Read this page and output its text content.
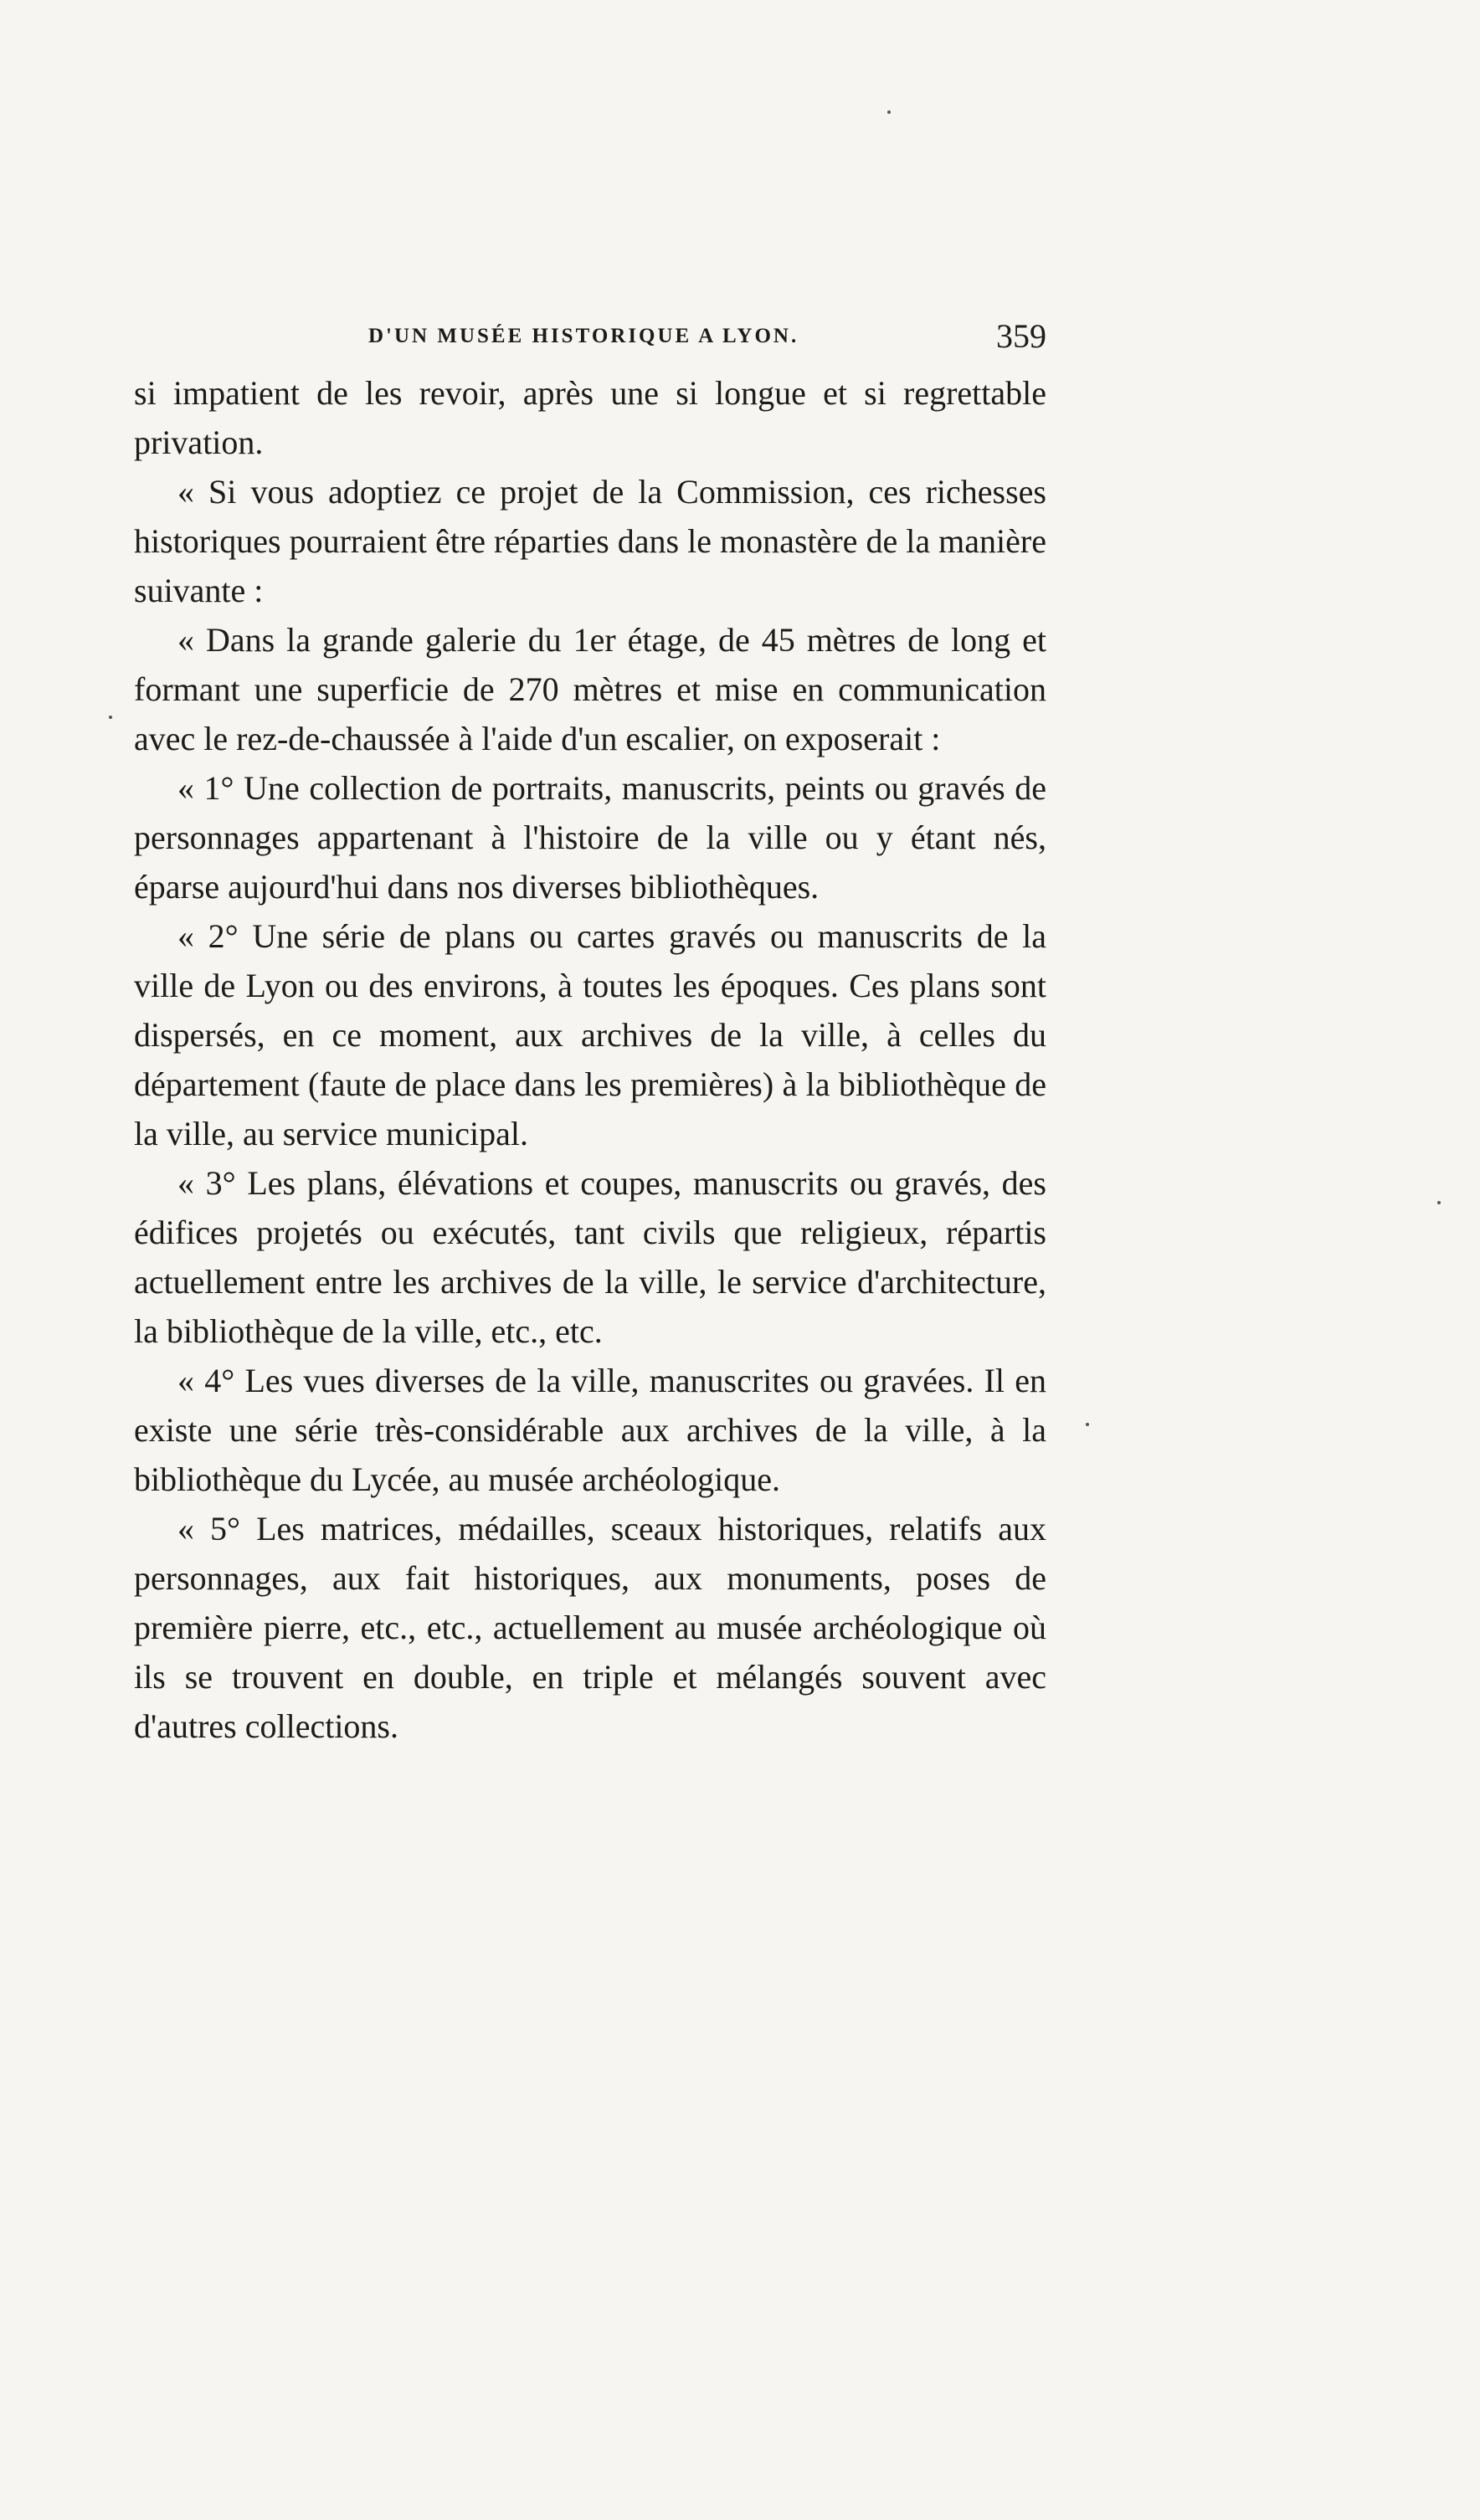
D'UN MUSÉE HISTORIQUE A LYON.	359

si impatient de les revoir, après une si longue et si regrettable privation.

« Si vous adoptiez ce projet de la Commission, ces richesses historiques pourraient être réparties dans le monastère de la manière suivante :

« Dans la grande galerie du 1er étage, de 45 mètres de long et formant une superficie de 270 mètres et mise en communication avec le rez-de-chaussée à l'aide d'un escalier, on exposerait :

« 1° Une collection de portraits, manuscrits, peints ou gravés de personnages appartenant à l'histoire de la ville ou y étant nés, éparse aujourd'hui dans nos diverses bibliothèques.

« 2° Une série de plans ou cartes gravés ou manuscrits de la ville de Lyon ou des environs, à toutes les époques. Ces plans sont dispersés, en ce moment, aux archives de la ville, à celles du département (faute de place dans les premières) à la bibliothèque de la ville, au service municipal.

« 3° Les plans, élévations et coupes, manuscrits ou gravés, des édifices projetés ou exécutés, tant civils que religieux, répartis actuellement entre les archives de la ville, le service d'architecture, la bibliothèque de la ville, etc., etc.

« 4° Les vues diverses de la ville, manuscrites ou gravées. Il en existe une série très-considérable aux archives de la ville, à la bibliothèque du Lycée, au musée archéologique.

« 5° Les matrices, médailles, sceaux historiques, relatifs aux personnages, aux fait historiques, aux monuments, poses de première pierre, etc., etc., actuellement au musée archéologique où ils se trouvent en double, en triple et mélangés souvent avec d'autres collections.
